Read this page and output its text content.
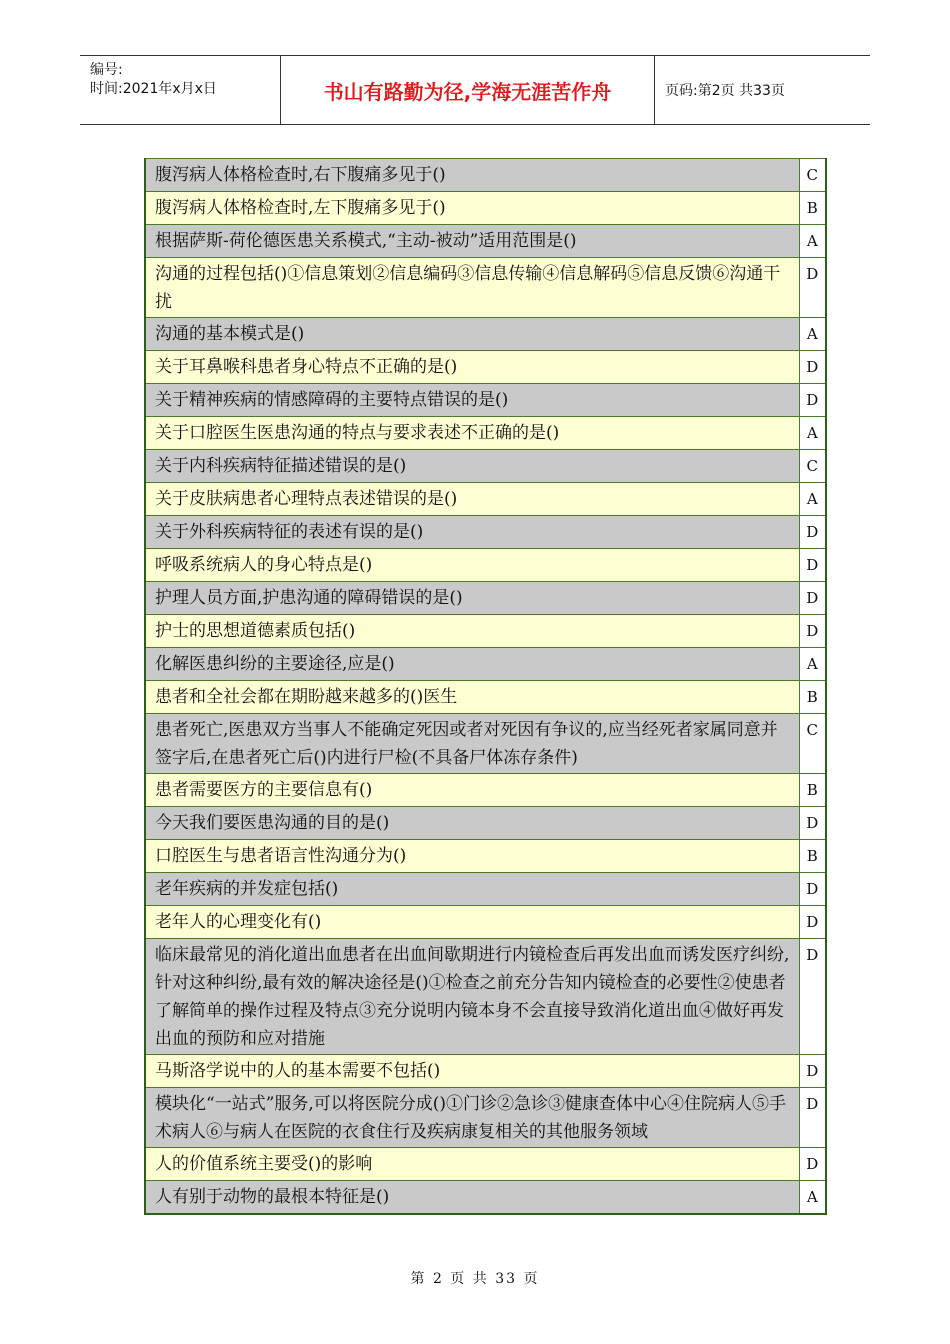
编号:
时间:2021年x月x日	书山有路勤为径,学海无涯苦作舟	页码:第2页 共33页
腹泻病人体格检查时,右下腹痛多见于()	C
腹泻病人体格检查时,左下腹痛多见于()	B
根据萨斯-荷伦德医患关系模式,“主动-被动”适用范围是()	A
沟通的过程包括()①信息策划②信息编码③信息传输④信息解码⑤信息反馈⑥沟通干扰	D
沟通的基本模式是()	A
关于耳鼻喉科患者身心特点不正确的是()	D
关于精神疾病的情感障碍的主要特点错误的是()	D
关于口腔医生医患沟通的特点与要求表述不正确的是()	A
关于内科疾病特征描述错误的是()	C
关于皮肤病患者心理特点表述错误的是()	A
关于外科疾病特征的表述有误的是()	D
呼吸系统病人的身心特点是()	D
护理人员方面,护患沟通的障碍错误的是()	D
护士的思想道德素质包括()	D
化解医患纠纷的主要途径,应是()	A
患者和全社会都在期盼越来越多的()医生	B
患者死亡,医患双方当事人不能确定死因或者对死因有争议的,应当经死者家属同意并签字后,在患者死亡后()内进行尸检(不具备尸体冻存条件)	C
患者需要医方的主要信息有()	B
今天我们要医患沟通的目的是()	D
口腔医生与患者语言性沟通分为()	B
老年疾病的并发症包括()	D
老年人的心理变化有()	D
临床最常见的消化道出血患者在出血间歇期进行内镜检查后再发出血而诱发医疗纠纷,针对这种纠纷,最有效的解决途径是()①检查之前充分告知内镜检查的必要性②使患者了解简单的操作过程及特点③充分说明内镜本身不会直接导致消化道出血④做好再发出血的预防和应对措施	D
马斯洛学说中的人的基本需要不包括()	D
模块化“一站式”服务,可以将医院分成()①门诊②急诊③健康查体中心④住院病人⑤手术病人⑥与病人在医院的衣食住行及疾病康复相关的其他服务领域	D
人的价值系统主要受()的影响	D
人有别于动物的最根本特征是()	A
第 2 页 共 33 页
